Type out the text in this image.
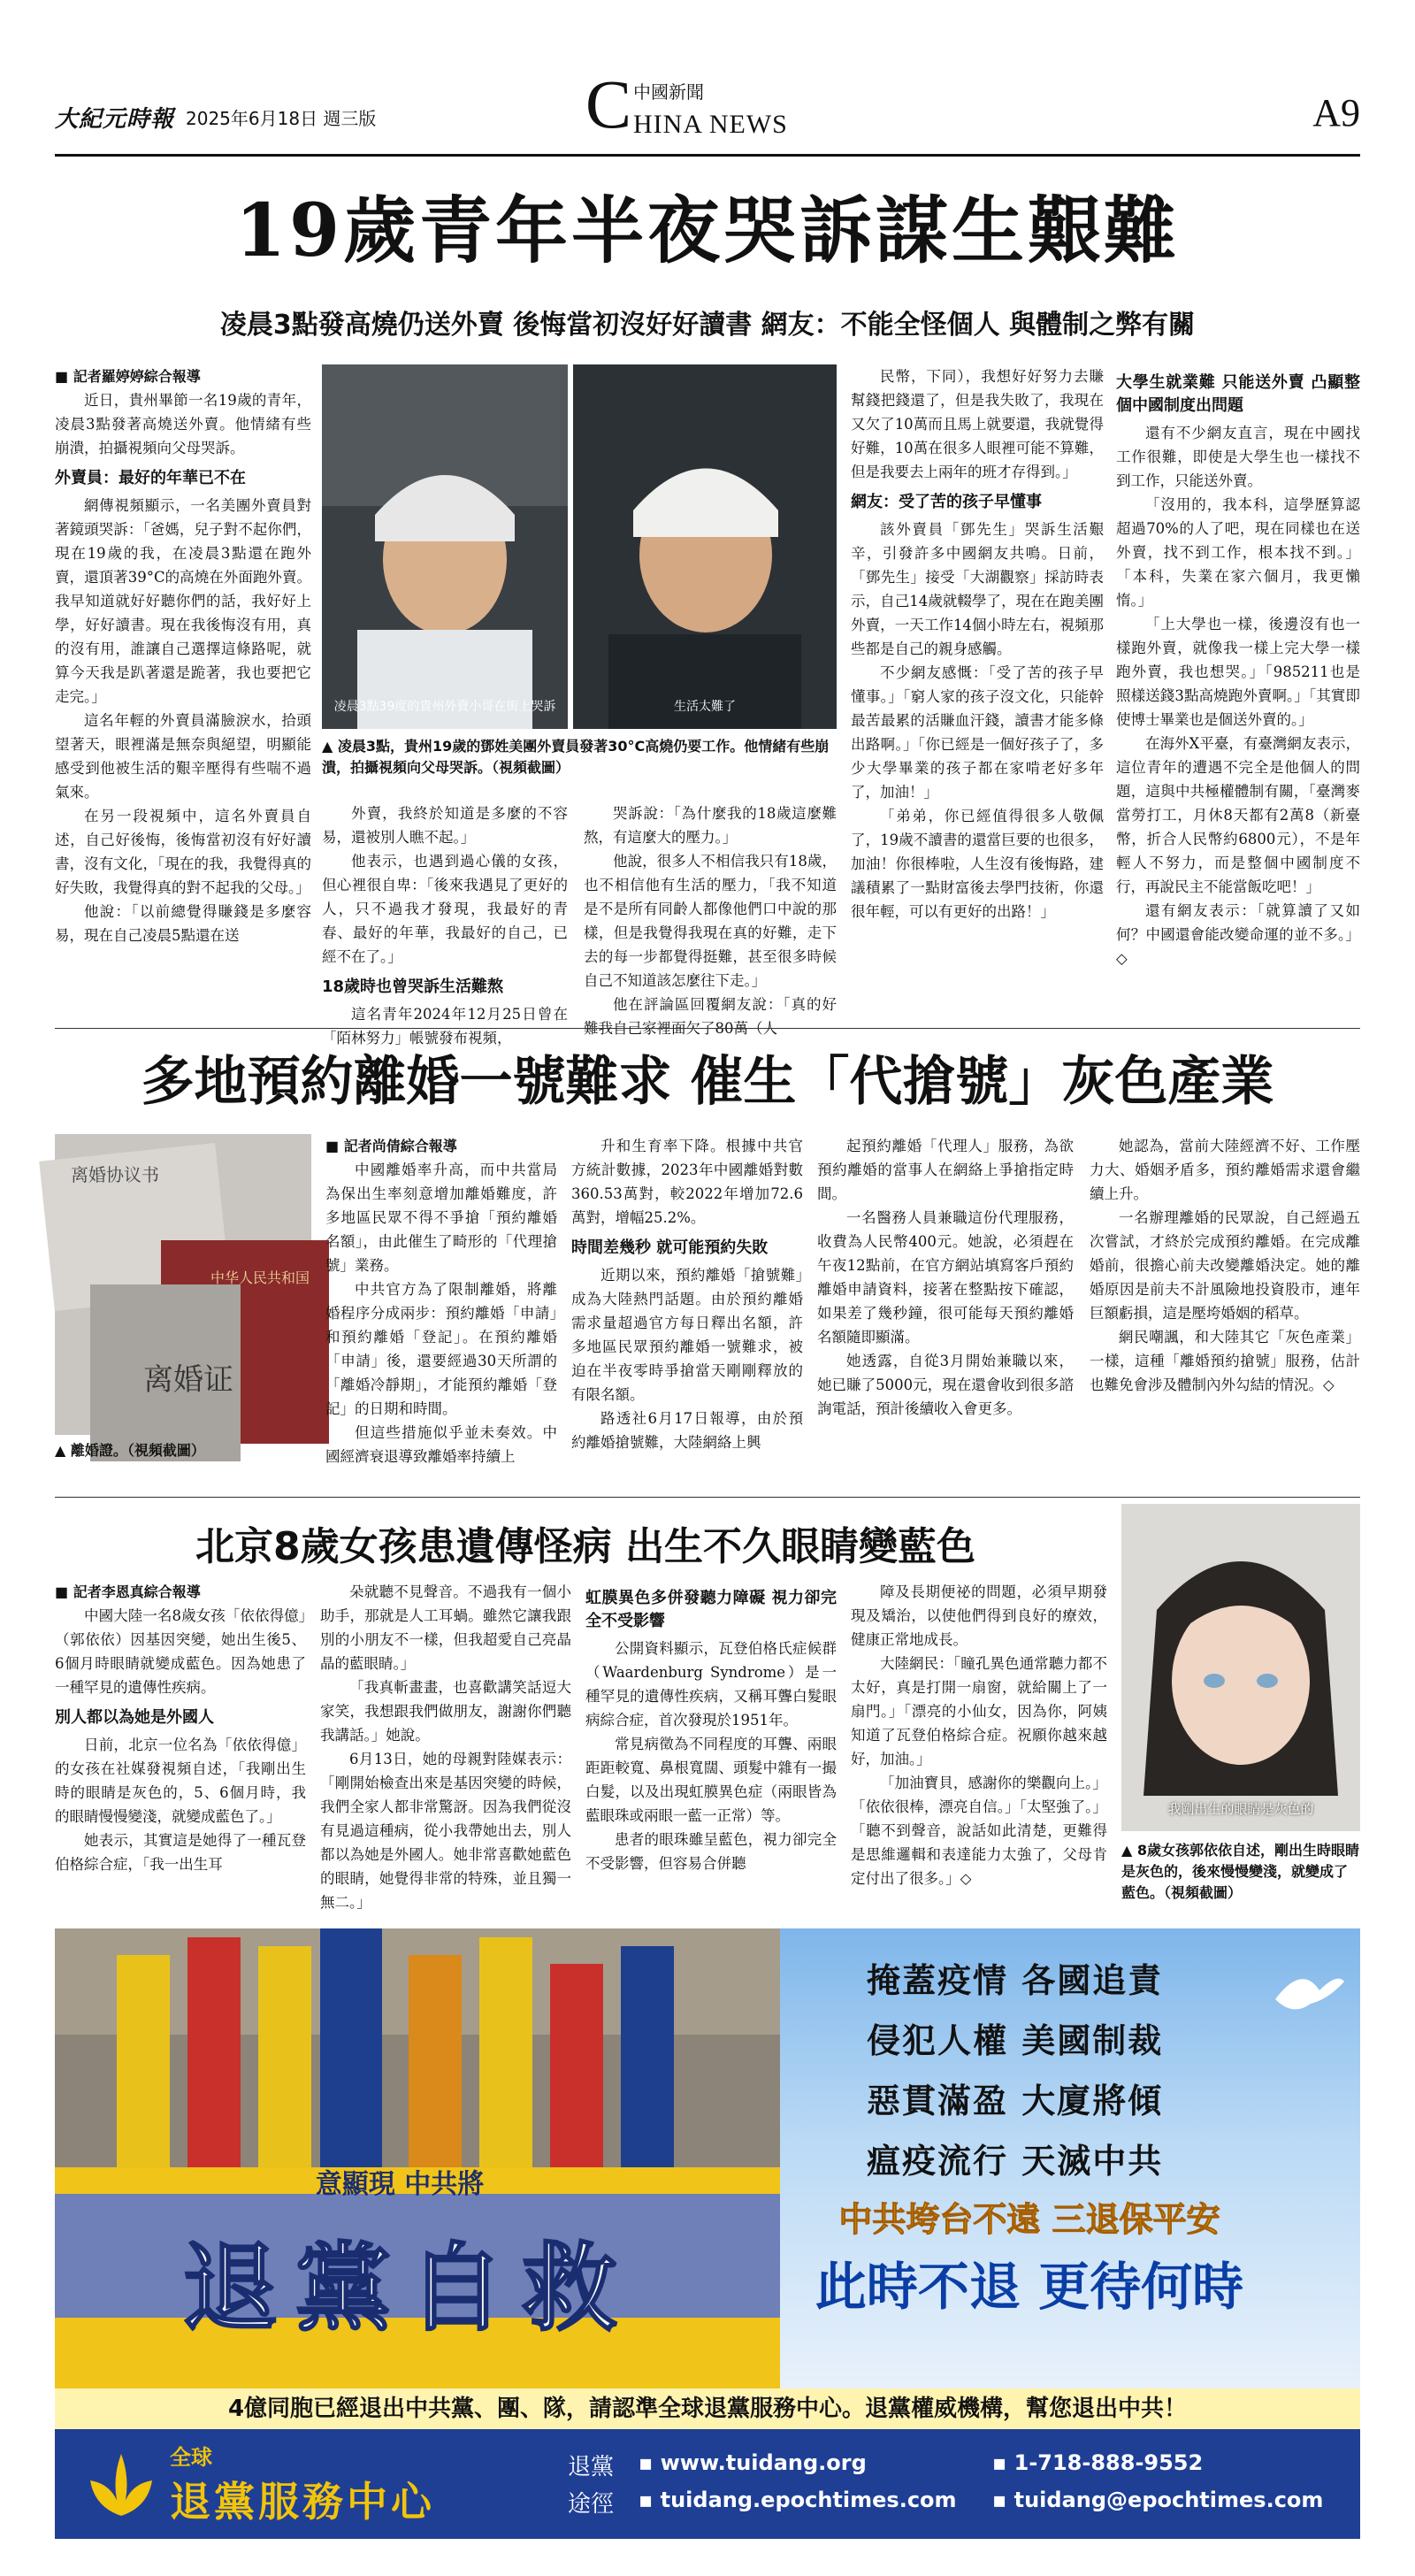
大紀元時報 2025年6月18日 週三版	C 中國新聞
HINA NEWS	A9
19歲青年半夜哭訴謀生艱難
凌晨3點發高燒仍送外賣 後悔當初沒好好讀書 網友：不能全怪個人 與體制之弊有關

■ 記者羅婷婷綜合報導

近日，貴州畢節一名19歲的青年，凌晨3點發著高燒送外賣。他情緒有些崩潰，拍攝視頻向父母哭訴。

外賣員：最好的年華已不在

網傳視頻顯示，一名美團外賣員對著鏡頭哭訴：「爸媽，兒子對不起你們，現在19歲的我，在凌晨3點還在跑外賣，還頂著39°C的高燒在外面跑外賣。我早知道就好好聽你們的話，我好好上學，好好讀書。現在我後悔沒有用，真的沒有用，誰讓自己選擇這條路呢，就算今天我是趴著還是跪著，我也要把它走完。」

這名年輕的外賣員滿臉淚水，拾頭望著天，眼裡滿是無奈與絕望，明顯能感受到他被生活的艱辛壓得有些喘不過氣來。

在另一段視頻中，這名外賣員自述，自己好後悔，後悔當初沒有好好讀書，沒有文化，「現在的我，我覺得真的好失敗，我覺得真的對不起我的父母。」

他說：「以前總覺得賺錢是多麼容易，現在自己凌晨5點還在送

凌晨3點39度的貴州外賣小哥在街上哭訴	生活太難了
▲ 凌晨3點，貴州19歲的鄧姓美團外賣員發著30°C高燒仍要工作。他情緒有些崩潰，拍攝視頻向父母哭訴。（視頻截圖）

外賣，我終於知道是多麼的不容易，還被別人瞧不起。」

他表示，也遇到過心儀的女孩，但心裡很自卑：「後來我遇見了更好的人，只不過我才發現，我最好的青春、最好的年華，我最好的自己，已經不在了。」

18歲時也曾哭訴生活難熬

這名青年2024年12月25日曾在「陌林努力」帳號發布視頻，

哭訴說：「為什麼我的18歲這麼難熬，有這麼大的壓力。」

他說，很多人不相信我只有18歲，也不相信他有生活的壓力，「我不知道是不是所有同齡人都像他們口中說的那樣，但是我覺得我現在真的好難，走下去的每一步都覺得挺難，甚至很多時候自己不知道該怎麼往下走。」

他在評論區回覆網友說：「真的好難我自己家裡面欠了80萬（人

民幣，下同），我想好好努力去賺幫錢把錢還了，但是我失敗了，我現在又欠了10萬而且馬上就要還，我就覺得好難，10萬在很多人眼裡可能不算難，但是我要去上兩年的班才存得到。」

網友：受了苦的孩子早懂事

該外賣員「鄧先生」哭訴生活艱辛，引發許多中國網友共鳴。日前，「鄧先生」接受「大湖觀察」採訪時表示，自己14歲就輟學了，現在在跑美團外賣，一天工作14個小時左右，視頻那些都是自己的親身感觸。

不少網友感慨：「受了苦的孩子早懂事。」「窮人家的孩子沒文化，只能幹最苦最累的活賺血汗錢，讀書才能多條出路啊。」「你已經是一個好孩子了，多少大學畢業的孩子都在家啃老好多年了，加油！」

「弟弟，你已經值得很多人敬佩了，19歲不讀書的還當巨要的也很多，加油！你很棒啦，人生沒有後悔路，建議積累了一點財富後去學門技術，你還很年輕，可以有更好的出路！」

大學生就業難 只能送外賣 凸顯整個中國制度出問題

還有不少網友直言，現在中國找工作很難，即使是大學生也一樣找不到工作，只能送外賣。

「沒用的，我本科，這學歷算認超過70%的人了吧，現在同樣也在送外賣，找不到工作，根本找不到。」「本科，失業在家六個月，我更懶惰。」

「上大學也一樣，後邊沒有也一樣跑外賣，就像我一樣上完大學一樣跑外賣，我也想哭。」「985211也是照樣送錢3點高燒跑外賣啊。」「其實即使博士畢業也是個送外賣的。」

在海外X平臺，有臺灣網友表示，這位青年的遭遇不完全是他個人的問題，這與中共極權體制有關，「臺灣麥當勞打工，月休8天都有2萬8（新臺幣，折合人民幣約6800元），不是年輕人不努力，而是整個中國制度不行，再說民主不能當飯吃吧！」

還有網友表示：「就算讀了又如何？中國還會能改變命運的並不多。」◇

多地預約離婚一號難求 催生「代搶號」灰色產業
离婚协议书
中华人民共和国
离婚证
▲ 離婚證。（視頻截圖）

■ 記者尚倩綜合報導

中國離婚率升高，而中共當局為保出生率刻意增加離婚難度，許多地區民眾不得不爭搶「預約離婚名額」，由此催生了畸形的「代理搶號」業務。

中共官方為了限制離婚，將離婚程序分成兩步：預約離婚「申請」和預約離婚「登記」。在預約離婚「申請」後，還要經過30天所謂的「離婚冷靜期」，才能預約離婚「登記」的日期和時間。

但這些措施似乎並未奏效。中國經濟衰退導致離婚率持續上

升和生育率下降。根據中共官方統計數據，2023年中國離婚對數360.53萬對，較2022年增加72.6萬對，增幅25.2%。

時間差幾秒 就可能預約失敗

近期以來，預約離婚「搶號難」成為大陸熱門話題。由於預約離婚需求量超過官方每日釋出名額，許多地區民眾預約離婚一號難求，被迫在半夜零時爭搶當天剛剛釋放的有限名額。

路透社6月17日報導，由於預約離婚搶號難，大陸網絡上興

起預約離婚「代理人」服務，為欲預約離婚的當事人在網絡上爭搶指定時間。

一名醫務人員兼職這份代理服務，收費為人民幣400元。她說，必須趕在午夜12點前，在官方網站填寫客戶預約離婚申請資料，接著在整點按下確認，如果差了幾秒鐘，很可能每天預約離婚名額隨即顯滿。

她透露，自從3月開始兼職以來，她已賺了5000元，現在還會收到很多諮詢電話，預計後續收入會更多。

她認為，當前大陸經濟不好、工作壓力大、婚姻矛盾多，預約離婚需求還會繼續上升。

一名辦理離婚的民眾說，自己經過五次嘗試，才終於完成預約離婚。在完成離婚前，很擔心前夫改變離婚決定。她的離婚原因是前夫不計風險地投資股市，連年巨額虧損，這是壓垮婚姻的稻草。

網民嘲諷，和大陸其它「灰色產業」一樣，這種「離婚預約搶號」服務，估計也難免會涉及體制內外勾結的情況。◇

北京8歲女孩患遺傳怪病 出生不久眼睛變藍色
我剛出生的眼睛是灰色的
▲ 8歲女孩郭依依自述，剛出生時眼睛是灰色的，後來慢慢變淺，就變成了藍色。（視頻截圖）

■ 記者李恩真綜合報導

中國大陸一名8歲女孩「依依得億」（郭依依）因基因突變，她出生後5、6個月時眼睛就變成藍色。因為她患了一種罕見的遺傳性疾病。

別人都以為她是外國人

日前，北京一位名為「依依得億」的女孩在社媒發視頻自述，「我剛出生時的眼睛是灰色的，5、6個月時，我的眼睛慢慢變淺，就變成藍色了。」

她表示，其實這是她得了一種瓦登伯格綜合症，「我一出生耳

朵就聽不見聲音。不過我有一個小助手，那就是人工耳蝸。雖然它讓我跟別的小朋友不一樣，但我超愛自己亮晶晶的藍眼睛。」

「我真斬畫畫，也喜歡講笑話逗大家笑，我想跟我們做朋友，謝謝你們聽我講話。」她說。

6月13日，她的母親對陸媒表示：「剛開始檢查出來是基因突變的時候，我們全家人都非常驚訝。因為我們從沒有見過這種病，從小我帶她出去，別人都以為她是外國人。她非常喜歡她藍色的眼睛，她覺得非常的特殊，並且獨一無二。」

虹膜異色多併發聽力障礙 視力卻完全不受影響

公開資料顯示，瓦登伯格氏症候群（Waardenburg Syndrome）是一種罕見的遺傳性疾病，又稱耳聾白髮眼病綜合症，首次發現於1951年。

常見病徵為不同程度的耳聾、兩眼距距較寬、鼻根寬闊、頭髮中雜有一撮白髮，以及出現虹膜異色症（兩眼皆為藍眼珠或兩眼一藍一正常）等。

患者的眼珠雖呈藍色，視力卻完全不受影響，但容易合併聽

障及長期便祕的問題，必須早期發現及矯治，以使他們得到良好的療效，健康正常地成長。

大陸網民：「瞳孔異色通常聽力都不太好，真是打開一扇窗，就給關上了一扇門。」「漂亮的小仙女，因為你，阿姨知道了瓦登伯格綜合症。祝願你越來越好，加油。」

「加油寶貝，感謝你的樂觀向上。」「依依很棒，漂亮自信。」「太堅強了。」「聽不到聲音，說話如此清楚，更難得是思維邏輯和表達能力太強了，父母肯定付出了很多。」◇

意顯現 中共將
退黨自救
掩蓋疫情 各國追責
侵犯人權 美國制裁
惡貫滿盈 大廈將傾
瘟疫流行 天滅中共
中共垮台不遠 三退保平安
此時不退 更待何時
4億同胞已經退出中共黨、團、隊，請認準全球退黨服務中心。退黨權威機構，幫您退出中共！
全球
退黨服務中心
退黨
途徑
▪ www.tuidang.org
▪ tuidang.epochtimes.com
▪ 1-718-888-9552
▪ tuidang@epochtimes.com
